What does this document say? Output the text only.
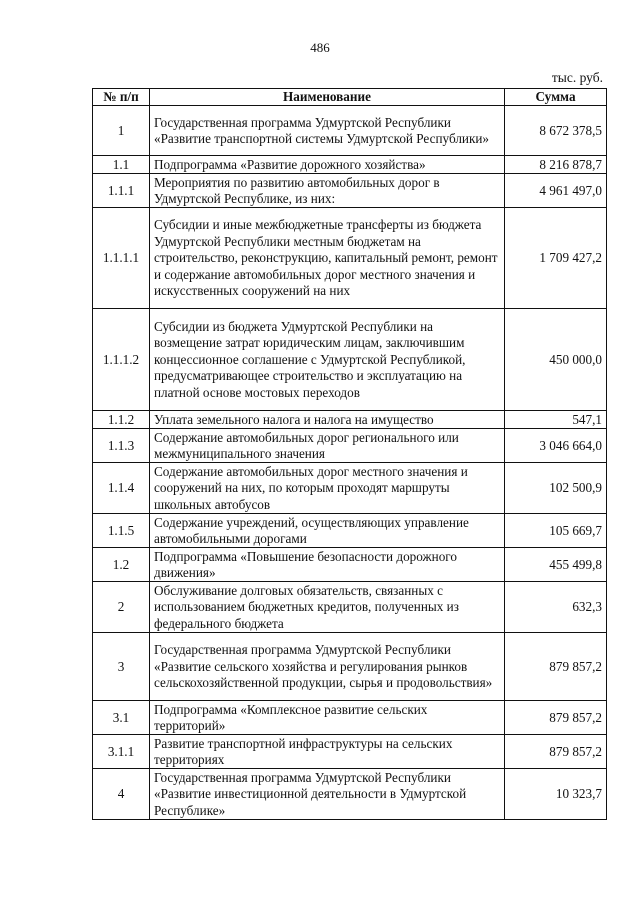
486
тыс. руб.
№ п/п	Наименование	Сумма
1	Государственная программа Удмуртской Республики «Развитие транспортной системы Удмуртской Республики»	8 672 378,5
1.1	Подпрограмма «Развитие дорожного хозяйства»	8 216 878,7
1.1.1	Мероприятия по развитию автомобильных дорог в Удмуртской Республике, из них:	4 961 497,0
1.1.1.1	Субсидии и иные межбюджетные трансферты из бюджета Удмуртской Республики местным бюджетам на строительство, реконструкцию, капитальный ремонт, ремонт и содержание автомобильных дорог местного значения и искусственных сооружений на них	1 709 427,2
1.1.1.2	Субсидии из бюджета Удмуртской Республики на возмещение затрат юридическим лицам, заключившим концессионное соглашение с Удмуртской Республикой, предусматривающее строительство и эксплуатацию на платной основе мостовых переходов	450 000,0
1.1.2	Уплата земельного налога и налога на имущество	547,1
1.1.3	Содержание автомобильных дорог регионального или межмуниципального значения	3 046 664,0
1.1.4	Содержание автомобильных дорог местного значения и сооружений на них, по которым проходят маршруты школьных автобусов	102 500,9
1.1.5	Содержание учреждений, осуществляющих управление автомобильными дорогами	105 669,7
1.2	Подпрограмма «Повышение безопасности дорожного движения»	455 499,8
2	Обслуживание долговых обязательств, связанных с использованием бюджетных кредитов, полученных из федерального бюджета	632,3
3	Государственная программа Удмуртской Республики «Развитие сельского хозяйства и регулирования рынков сельскохозяйственной продукции, сырья и продовольствия»	879 857,2
3.1	Подпрограмма «Комплексное развитие сельских территорий»	879 857,2
3.1.1	Развитие транспортной инфраструктуры на сельских территориях	879 857,2
4	Государственная программа Удмуртской Республики «Развитие инвестиционной деятельности в Удмуртской Республике»	10 323,7
